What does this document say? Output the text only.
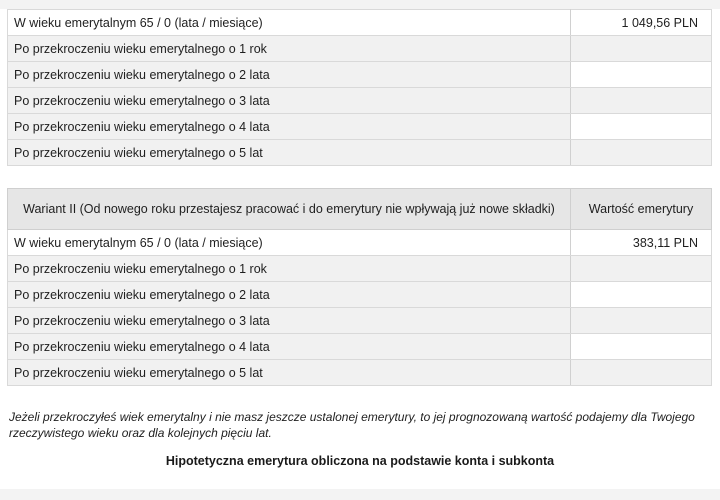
W wieku emerytalnym 65 / 0 (lata / miesiące)	1 049,56 PLN
Po przekroczeniu wieku emerytalnego o 1 rok	
Po przekroczeniu wieku emerytalnego o 2 lata	
Po przekroczeniu wieku emerytalnego o 3 lata	
Po przekroczeniu wieku emerytalnego o 4 lata	
Po przekroczeniu wieku emerytalnego o 5 lat	
Wariant II (Od nowego roku przestajesz pracować i do emerytury nie wpływają już nowe składki)	Wartość emerytury
W wieku emerytalnym 65 / 0 (lata / miesiące)	383,11 PLN
Po przekroczeniu wieku emerytalnego o 1 rok	
Po przekroczeniu wieku emerytalnego o 2 lata	
Po przekroczeniu wieku emerytalnego o 3 lata	
Po przekroczeniu wieku emerytalnego o 4 lata	
Po przekroczeniu wieku emerytalnego o 5 lat	
Jeżeli przekroczyłeś wiek emerytalny i nie masz jeszcze ustalonej emerytury, to jej prognozowaną wartość podajemy dla Twojego rzeczywistego wieku oraz dla kolejnych pięciu lat.
Hipotetyczna emerytura obliczona na podstawie konta i subkonta
